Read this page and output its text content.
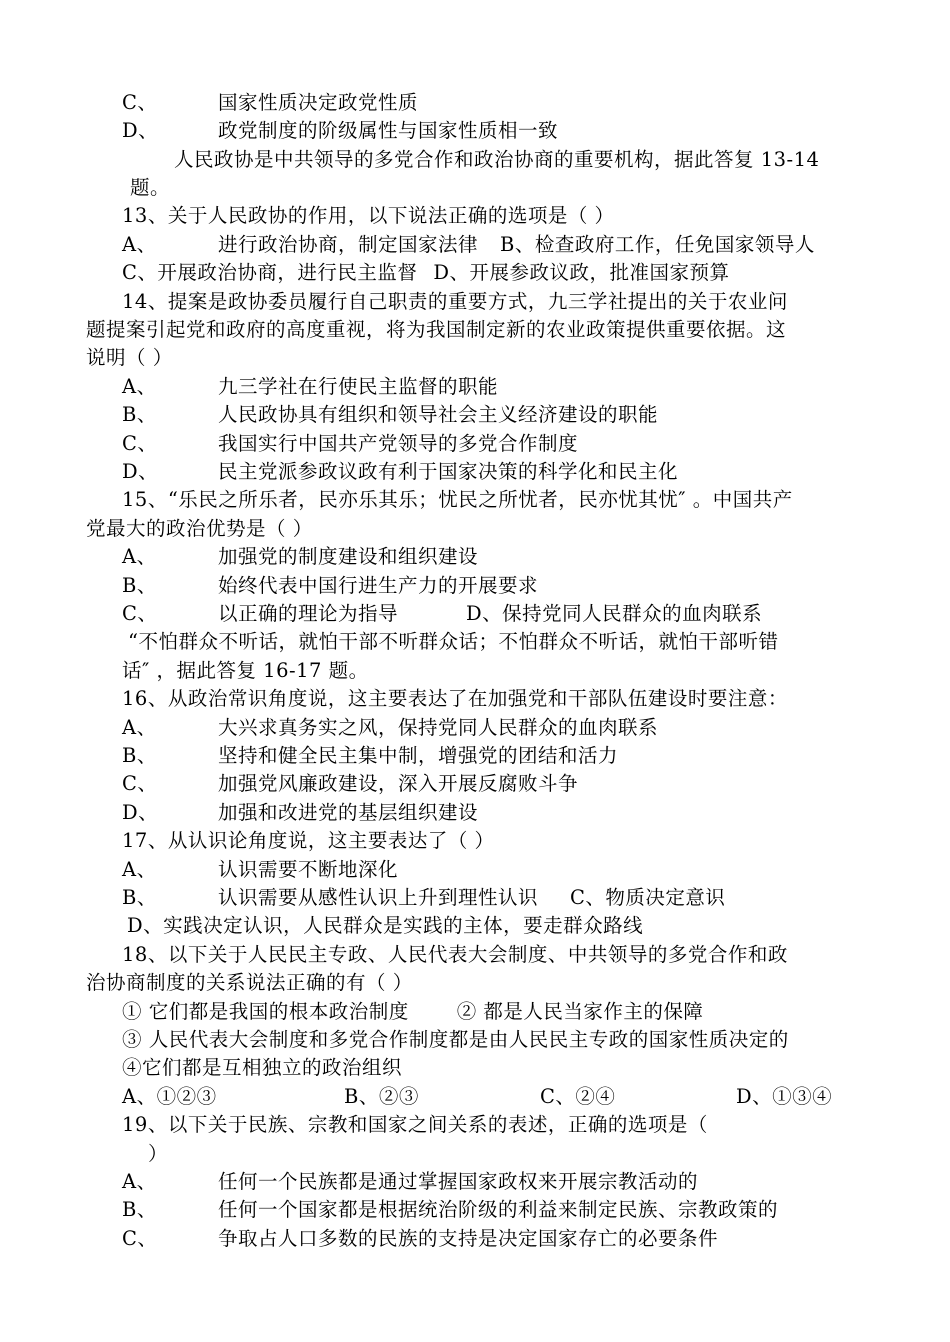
C、	国家性质决定政党性质
D、	政党制度的阶级属性与国家性质相一致
人民政协是中共领导的多党合作和政治协商的重要机构，据此答复 13-14
题。
13、关于人民政协的作用，以下说法正确的选项是（ ）
A、	进行政治协商，制定国家法律 B、检查政府工作，任免国家领导人
C、开展政治协商，进行民主监督 D、开展参政议政，批准国家预算
14、提案是政协委员履行自己职责的重要方式，九三学社提出的关于农业问
题提案引起党和政府的高度重视，将为我国制定新的农业政策提供重要依据。这
说明（ ）
A、	九三学社在行使民主监督的职能
B、	人民政协具有组织和领导社会主义经济建设的职能
C、	我国实行中国共产党领导的多党合作制度
D、	民主党派参政议政有利于国家决策的科学化和民主化
15、“乐民之所乐者，民亦乐其乐；忧民之所忧者，民亦忧其忧″ 。中国共产
党最大的政治优势是（ ）
A、	加强党的制度建设和组织建设
B、	始终代表中国行进生产力的开展要求
C、	以正确的理论为指导	D、保持党同人民群众的血肉联系
“不怕群众不听话，就怕干部不听群众话；不怕群众不听话，就怕干部听错
话″ ，据此答复 16-17 题。
16、从政治常识角度说，这主要表达了在加强党和干部队伍建设时要注意：
A、	大兴求真务实之风，保持党同人民群众的血肉联系
B、	坚持和健全民主集中制，增强党的团结和活力
C、	加强党风廉政建设，深入开展反腐败斗争
D、	加强和改进党的基层组织建设
17、从认识论角度说，这主要表达了（ ）
A、	认识需要不断地深化
B、	认识需要从感性认识上升到理性认识 C、物质决定意识
D、实践决定认识，人民群众是实践的主体，要走群众路线
18、以下关于人民民主专政、人民代表大会制度、中共领导的多党合作和政
治协商制度的关系说法正确的有（ ）
① 它们都是我国的根本政治制度 ② 都是人民当家作主的保障
③ 人民代表大会制度和多党合作制度都是由人民民主专政的国家性质决定的
④它们都是互相独立的政治组织
A、①②③	B、②③	C、②④	D、①③④
19、以下关于民族、宗教和国家之间关系的表述，正确的选项是（
）
A、	任何一个民族都是通过掌握国家政权来开展宗教活动的
B、	任何一个国家都是根据统治阶级的利益来制定民族、宗教政策的
C、	争取占人口多数的民族的支持是决定国家存亡的必要条件
